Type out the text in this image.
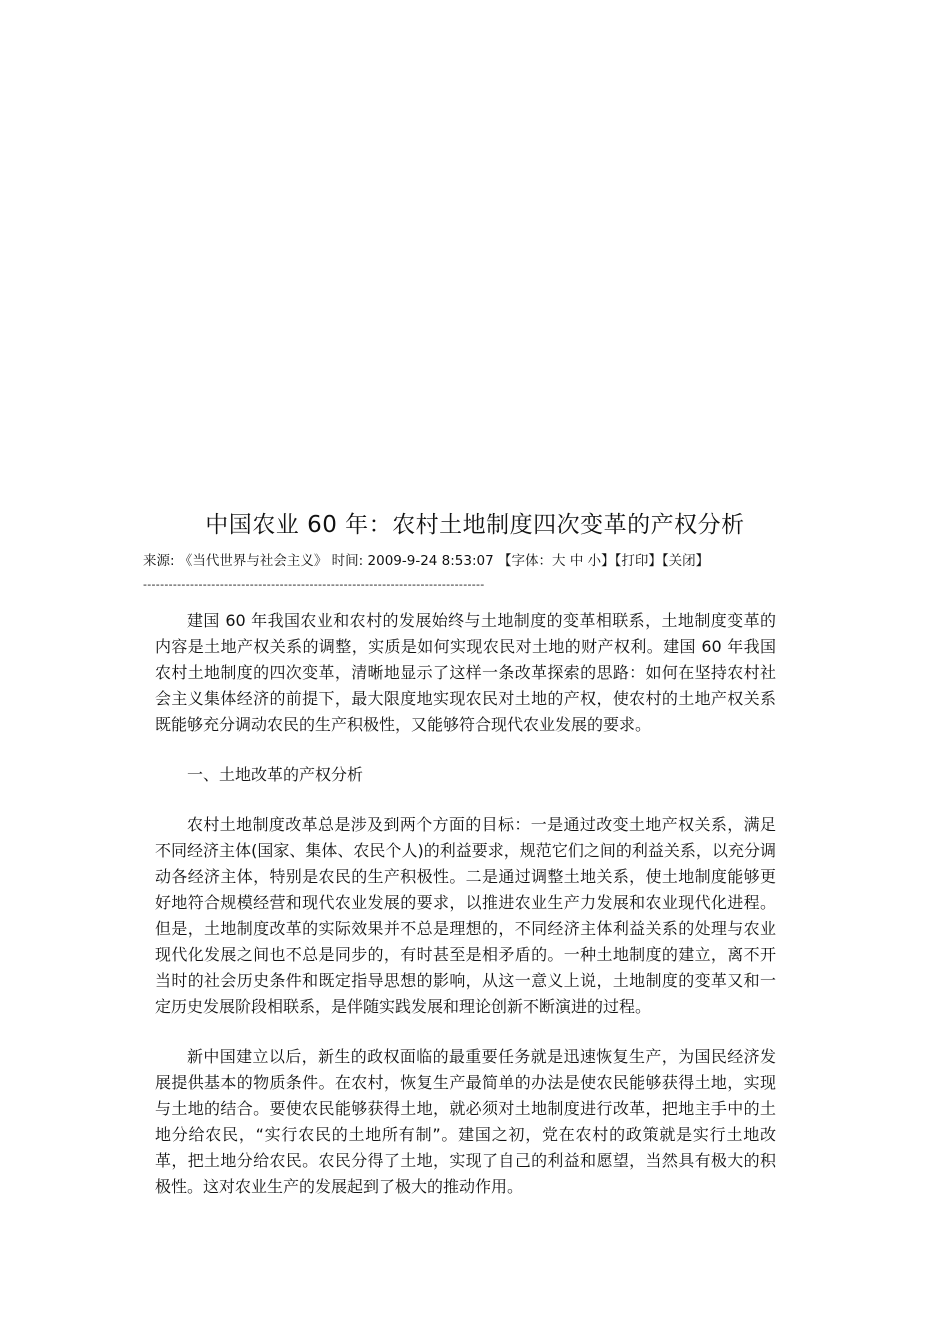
中国农业 60 年：农村土地制度四次变革的产权分析
来源: 《当代世界与社会主义》 时间: 2009-9-24 8:53:07 【字体：大 中 小】【打印】【关闭】
--------------------------------------------------------------------------------

建国 60 年我国农业和农村的发展始终与土地制度的变革相联系，土地制度变革的内容是土地产权关系的调整，实质是如何实现农民对土地的财产权利。建国 60 年我国农村土地制度的四次变革，清晰地显示了这样一条改革探索的思路：如何在坚持农村社会主义集体经济的前提下，最大限度地实现农民对土地的产权，使农村的土地产权关系既能够充分调动农民的生产积极性，又能够符合现代农业发展的要求。

一、土地改革的产权分析

农村土地制度改革总是涉及到两个方面的目标：一是通过改变土地产权关系，满足不同经济主体(国家、集体、农民个人)的利益要求，规范它们之间的利益关系，以充分调动各经济主体，特别是农民的生产积极性。二是通过调整土地关系，使土地制度能够更好地符合规模经营和现代农业发展的要求，以推进农业生产力发展和农业现代化进程。但是，土地制度改革的实际效果并不总是理想的，不同经济主体利益关系的处理与农业现代化发展之间也不总是同步的，有时甚至是相矛盾的。一种土地制度的建立，离不开当时的社会历史条件和既定指导思想的影响，从这一意义上说，土地制度的变革又和一定历史发展阶段相联系，是伴随实践发展和理论创新不断演进的过程。

新中国建立以后，新生的政权面临的最重要任务就是迅速恢复生产，为国民经济发展提供基本的物质条件。在农村，恢复生产最简单的办法是使农民能够获得土地，实现与土地的结合。要使农民能够获得土地，就必须对土地制度进行改革，把地主手中的土地分给农民，“实行农民的土地所有制”。建国之初，党在农村的政策就是实行土地改革，把土地分给农民。农民分得了土地，实现了自己的利益和愿望，当然具有极大的积极性。这对农业生产的发展起到了极大的推动作用。
